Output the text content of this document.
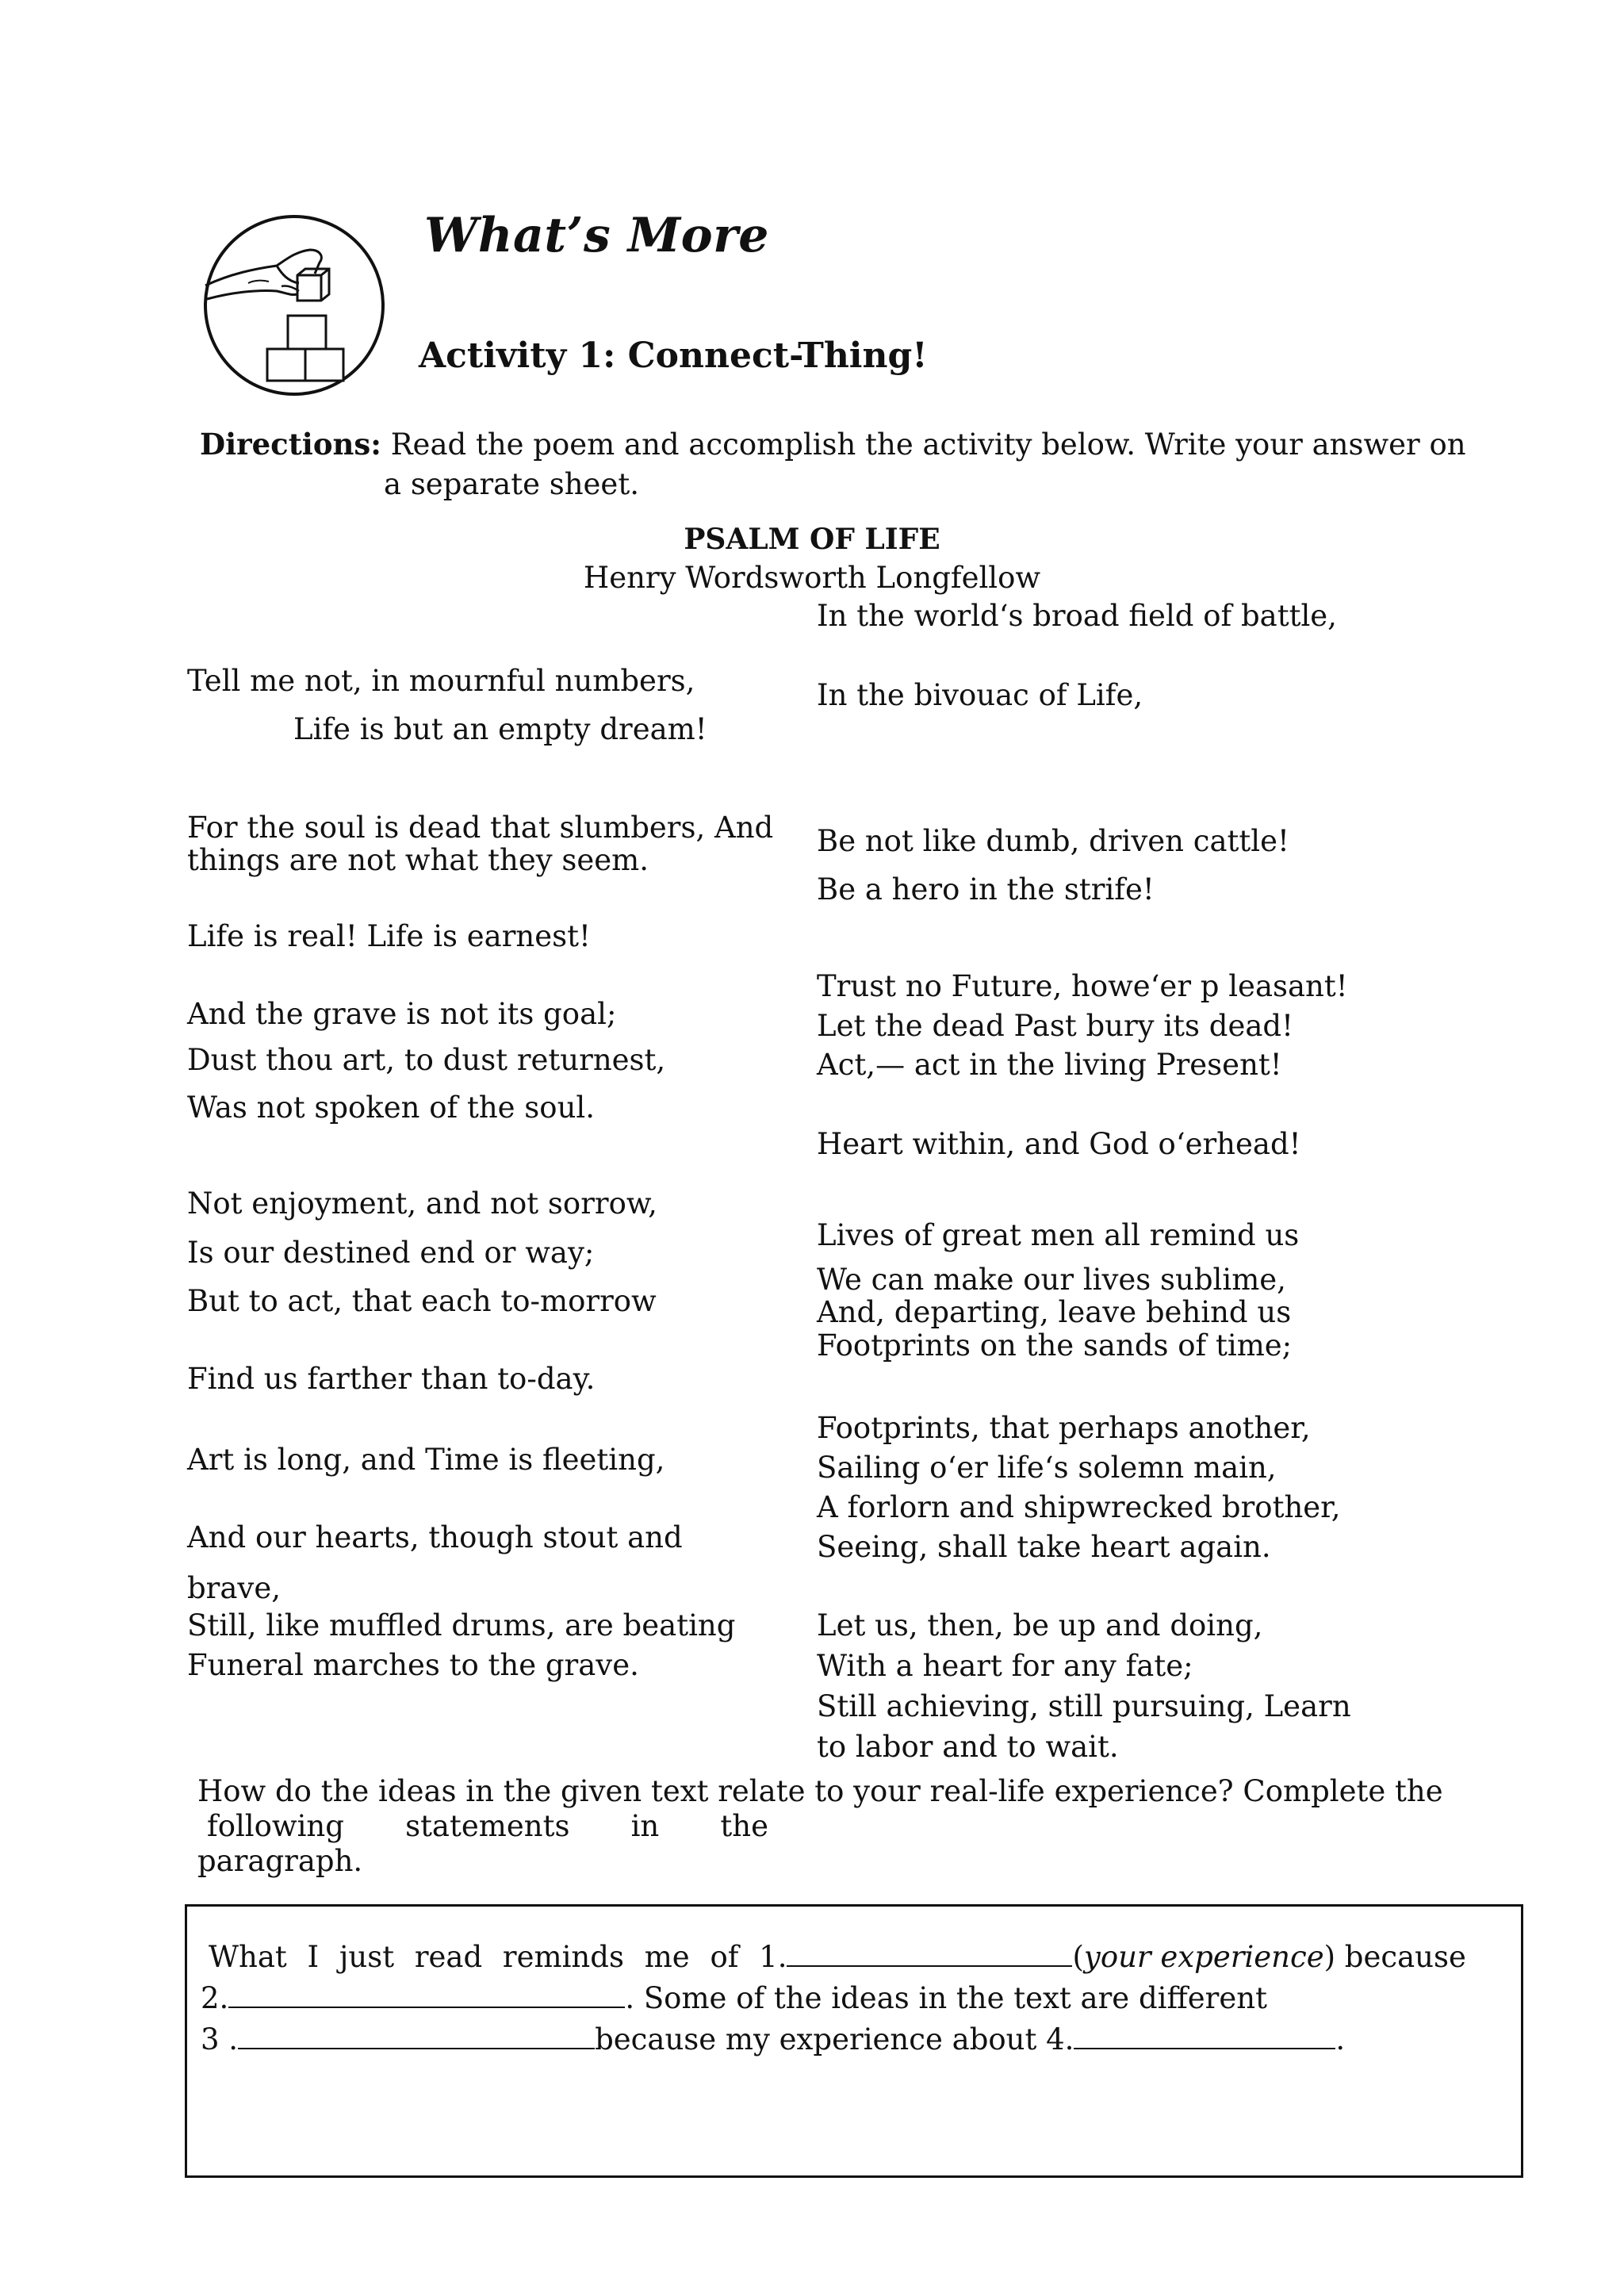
What’s More
Activity 1: Connect-Thing!
Directions: Read the poem and accomplish the activity below. Write your answer on
a separate sheet.
PSALM OF LIFE
Henry Wordsworth Longfellow
Tell me not, in mournful numbers,
Life is but an empty dream!
For the soul is dead that slumbers, And
things are not what they seem.
Life is real! Life is earnest!
And the grave is not its goal;
Dust thou art, to dust returnest,
Was not spoken of the soul.
Not enjoyment, and not sorrow,
Is our destined end or way;
But to act, that each to-morrow
Find us farther than to-day.
Art is long, and Time is fleeting,
And our hearts, though stout and
brave,
Still, like muffled drums, are beating
Funeral marches to the grave.
In the world‘s broad field of battle,
In the bivouac of Life,
Be not like dumb, driven cattle!
Be a hero in the strife!
Trust no Future, howe‘er p leasant!
Let the dead Past bury its dead!
Act,— act in the living Present!
Heart within, and God o‘erhead!
Lives of great men all remind us
We can make our lives sublime,
And, departing, leave behind us
Footprints on the sands of time;
Footprints, that perhaps another,
Sailing o‘er life‘s solemn main,
A forlorn and shipwrecked brother,
Seeing, shall take heart again.
Let us, then, be up and doing,
With a heart for any fate;
Still achieving, still pursuing, Learn
to labor and to wait.
How do the ideas in the given text relate to your real-life experience? Complete the
following statements in the
paragraph.
What I just read reminds me of 1.	(your experience) because
2.	. Some of the ideas in the text are different
3 .	because my experience about 4.	.
